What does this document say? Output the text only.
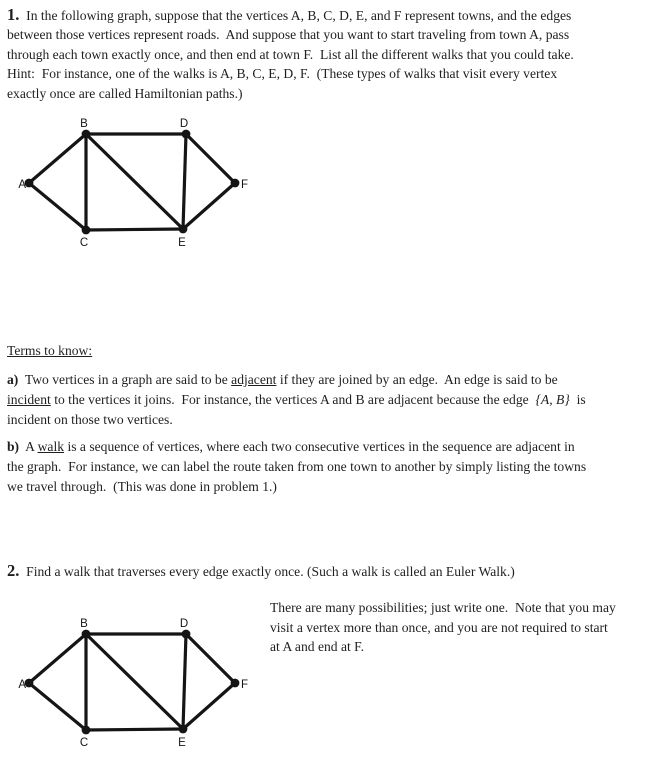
1.  In the following graph, suppose that the vertices A, B, C, D, E, and F represent towns, and the edges
between those vertices represent roads.  And suppose that you want to start traveling from town A, pass
through each town exactly once, and then end at town F.  List all the different walks that you could take.
Hint:  For instance, one of the walks is A, B, C, E, D, F.  (These types of walks that visit every vertex
exactly once are called Hamiltonian paths.)
A
B
C
D
E
F
Terms to know:
a)  Two vertices in a graph are said to be adjacent if they are joined by an edge.  An edge is said to be
incident to the vertices it joins.  For instance, the vertices A and B are adjacent because the edge  {A, B}  is
incident on those two vertices.
b)  A walk is a sequence of vertices, where each two consecutive vertices in the sequence are adjacent in
the graph.  For instance, we can label the route taken from one town to another by simply listing the towns
we travel through.  (This was done in problem 1.)
2.  Find a walk that traverses every edge exactly once. (Such a walk is called an Euler Walk.)
There are many possibilities; just write one.  Note that you may
visit a vertex more than once, and you are not required to start
at A and end at F.
A
B
C
D
E
F
